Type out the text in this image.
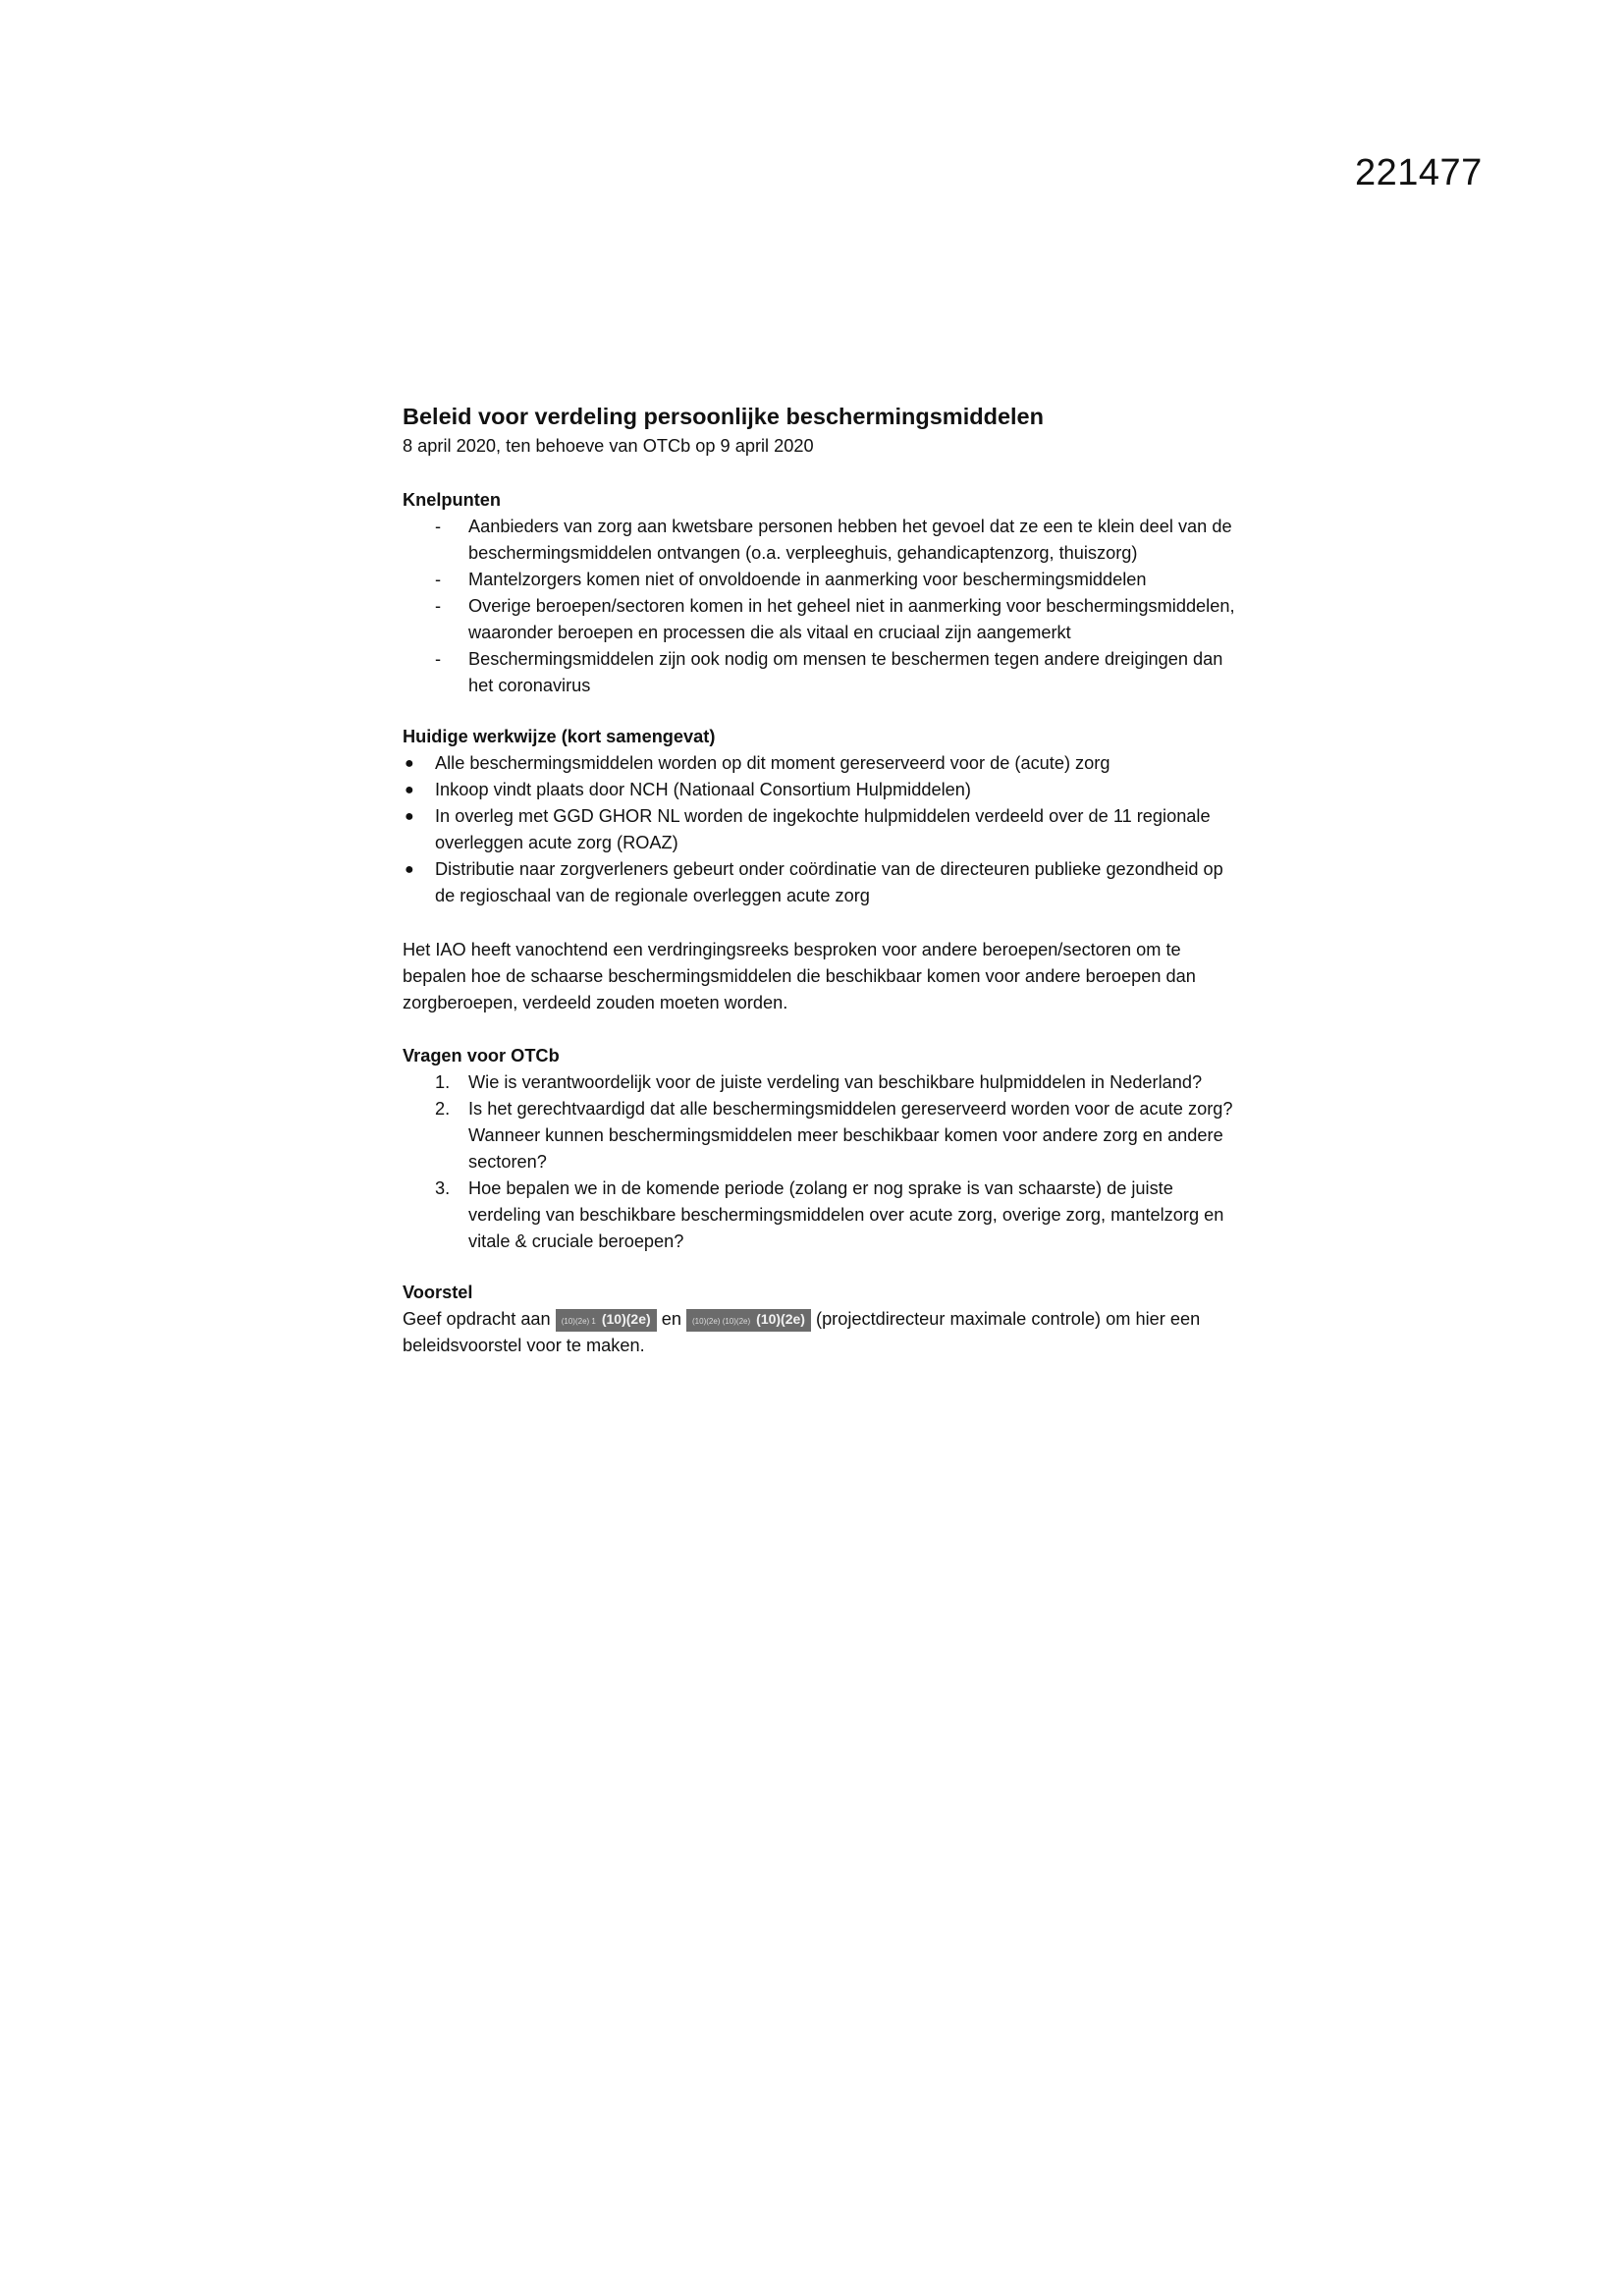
221477
Beleid voor verdeling persoonlijke beschermingsmiddelen

8 april 2020, ten behoeve van OTCb op 9 april 2020

Knelpunten

- Aanbieders van zorg aan kwetsbare personen hebben het gevoel dat ze een te klein deel van de beschermingsmiddelen ontvangen (o.a. verpleeghuis, gehandicaptenzorg, thuiszorg)
- Mantelzorgers komen niet of onvoldoende in aanmerking voor beschermingsmiddelen
- Overige beroepen/sectoren komen in het geheel niet in aanmerking voor beschermingsmiddelen, waaronder beroepen en processen die als vitaal en cruciaal zijn aangemerkt
- Beschermingsmiddelen zijn ook nodig om mensen te beschermen tegen andere dreigingen dan het coronavirus

Huidige werkwijze (kort samengevat)

● Alle beschermingsmiddelen worden op dit moment gereserveerd voor de (acute) zorg
● Inkoop vindt plaats door NCH (Nationaal Consortium Hulpmiddelen)
● In overleg met GGD GHOR NL worden de ingekochte hulpmiddelen verdeeld over de 11 regionale overleggen acute zorg (ROAZ)
● Distributie naar zorgverleners gebeurt onder coördinatie van de directeuren publieke gezondheid op de regioschaal van de regionale overleggen acute zorg

Het IAO heeft vanochtend een verdringingsreeks besproken voor andere beroepen/sectoren om te bepalen hoe de schaarse beschermingsmiddelen die beschikbaar komen voor andere beroepen dan zorgberoepen, verdeeld zouden moeten worden.

Vragen voor OTCb

1. Wie is verantwoordelijk voor de juiste verdeling van beschikbare hulpmiddelen in Nederland?
2. Is het gerechtvaardigd dat alle beschermingsmiddelen gereserveerd worden voor de acute zorg? Wanneer kunnen beschermingsmiddelen meer beschikbaar komen voor andere zorg en andere sectoren?
3. Hoe bepalen we in de komende periode (zolang er nog sprake is van schaarste) de juiste verdeling van beschikbare beschermingsmiddelen over acute zorg, overige zorg, mantelzorg en vitale & cruciale beroepen?

Voorstel

Geef opdracht aan (10)(2e) 1 (10)(2e) en (10)(2e) (10)(2e) (10)(2e) (projectdirecteur maximale controle) om hier een beleidsvoorstel voor te maken.
